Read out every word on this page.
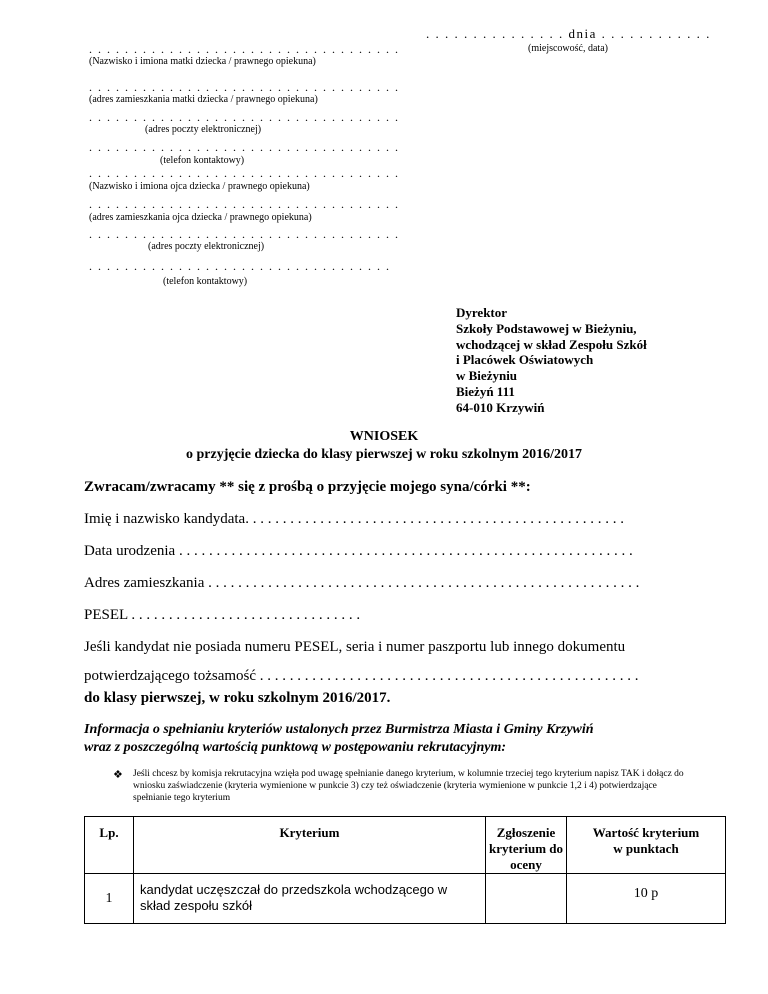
. . . . . . . . . . . . . . . dnia . . . . . . . . . . . .
(miejscowość, data)
. . . . . . . . . . . . . . . . . . . . . . . . . . . . . . . . . . .
(Nazwisko i imiona matki dziecka / prawnego opiekuna)
. . . . . . . . . . . . . . . . . . . . . . . . . . . . . . . . . . .
(adres zamieszkania matki dziecka / prawnego opiekuna)
. . . . . . . . . . . . . . . . . . . . . . . . . . . . . . . . . . .
(adres poczty elektronicznej)
. . . . . . . . . . . . . . . . . . . . . . . . . . . . . . . . . . .
(telefon kontaktowy)
. . . . . . . . . . . . . . . . . . . . . . . . . . . . . . . . . . .
(Nazwisko i imiona ojca dziecka / prawnego opiekuna)
. . . . . . . . . . . . . . . . . . . . . . . . . . . . . . . . . . .
(adres zamieszkania ojca dziecka / prawnego opiekuna)
. . . . . . . . . . . . . . . . . . . . . . . . . . . . . . . . . . .
(adres poczty elektronicznej)
. . . . . . . . . . . . . . . . . . . . . . . . . . . . . . . . . .
(telefon kontaktowy)
Dyrektor
Szkoły Podstawowej w Bieżyniu,
wchodzącej w skład Zespołu Szkół
i Placówek Oświatowych
w Bieżyniu
Bieżyń 111
64-010 Krzywiń
WNIOSEK
o przyjęcie dziecka do klasy pierwszej w roku szkolnym 2016/2017
Zwracam/zwracamy ** się z prośbą o przyjęcie mojego syna/córki **:
Imię i nazwisko kandydata. . . . . . . . . . . . . . . . . . . . . . . . . . . . . . . . . . . . . . . . . . . . . . . . . . .
Data urodzenia . . . . . . . . . . . . . . . . . . . . . . . . . . . . . . . . . . . . . . . . . . . . . . . . . . . . . . . . . . . . .
Adres zamieszkania . . . . . . . . . . . . . . . . . . . . . . . . . . . . . . . . . . . . . . . . . . . . . . . . . . . . . . . . . .
PESEL . . . . . . . . . . . . . . . . . . . . . . . . . . . . . . .
Jeśli kandydat nie posiada numeru PESEL, seria i numer paszportu lub innego dokumentu
potwierdzającego tożsamość . . . . . . . . . . . . . . . . . . . . . . . . . . . . . . . . . . . . . . . . . . . . . . . . . . .
do klasy pierwszej, w roku szkolnym 2016/2017.
Informacja o spełnianiu kryteriów ustalonych przez Burmistrza Miasta i Gminy Krzywiń
wraz z poszczególną wartością punktową w postępowaniu rekrutacyjnym:
❖ Jeśli chcesz by komisja rekrutacyjna wzięła pod uwagę spełnianie danego kryterium, w kolumnie trzeciej tego kryterium napisz TAK i dołącz do wniosku zaświadczenie (kryteria wymienione w punkcie 3) czy też oświadczenie (kryteria wymienione w punkcie 1,2 i 4) potwierdzające spełnianie tego kryterium
Lp.	Kryterium	Zgłoszenie kryterium do oceny	Wartość kryterium w punktach
1	kandydat uczęszczał do przedszkola wchodzącego w skład zespołu szkół		10 p
